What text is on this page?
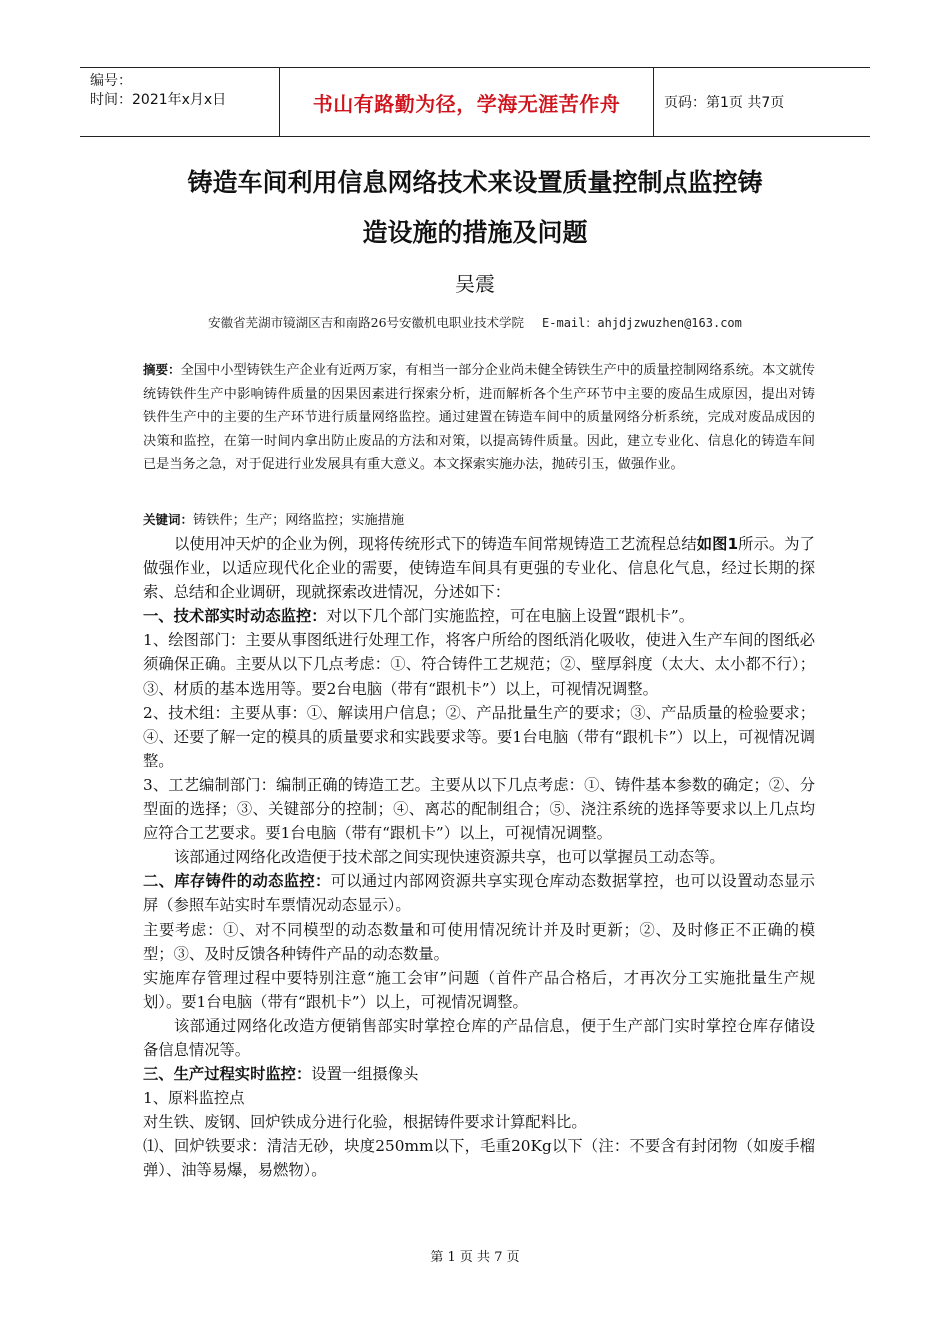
编号：
时间：2021年x月x日	书山有路勤为径，学海无涯苦作舟	页码：第1页 共7页
铸造车间利用信息网络技术来设置质量控制点监控铸
造设施的措施及问题
吴震
安徽省芜湖市镜湖区吉和南路26号安徽机电职业技术学院 E-mail：ahjdjzwuzhen@163.com
摘要：全国中小型铸铁生产企业有近两万家，有相当一部分企业尚未健全铸铁生产中的质量控制网络系统。本文就传统铸铁件生产中影响铸件质量的因果因素进行探索分析，进而解析各个生产环节中主要的废品生成原因，提出对铸铁件生产中的主要的生产环节进行质量网络监控。通过建置在铸造车间中的质量网络分析系统，完成对废品成因的决策和监控，在第一时间内拿出防止废品的方法和对策，以提高铸件质量。因此，建立专业化、信息化的铸造车间已是当务之急，对于促进行业发展具有重大意义。本文探索实施办法，抛砖引玉，做强作业。
关键词：铸铁件；生产；网络监控；实施措施

以使用冲天炉的企业为例，现将传统形式下的铸造车间常规铸造工艺流程总结如图1所示。为了做强作业，以适应现代化企业的需要，使铸造车间具有更强的专业化、信息化气息，经过长期的探索、总结和企业调研，现就探索改进情况，分述如下：

一、技术部实时动态监控：对以下几个部门实施监控，可在电脑上设置“跟机卡”。

1、绘图部门：主要从事图纸进行处理工作，将客户所给的图纸消化吸收，使进入生产车间的图纸必须确保正确。主要从以下几点考虑：①、符合铸件工艺规范；②、壁厚斜度（太大、太小都不行）；③、材质的基本选用等。要2台电脑（带有“跟机卡”）以上，可视情况调整。

2、技术组：主要从事：①、解读用户信息；②、产品批量生产的要求；③、产品质量的检验要求；④、还要了解一定的模具的质量要求和实践要求等。要1台电脑（带有“跟机卡”）以上，可视情况调整。

3、工艺编制部门：编制正确的铸造工艺。主要从以下几点考虑：①、铸件基本参数的确定；②、分型面的选择；③、关键部分的控制；④、离芯的配制组合；⑤、浇注系统的选择等要求以上几点均应符合工艺要求。要1台电脑（带有“跟机卡”）以上，可视情况调整。

该部通过网络化改造便于技术部之间实现快速资源共享，也可以掌握员工动态等。

二、库存铸件的动态监控：可以通过内部网资源共享实现仓库动态数据掌控，也可以设置动态显示屏（参照车站实时车票情况动态显示）。

主要考虑：①、对不同模型的动态数量和可使用情况统计并及时更新；②、及时修正不正确的模型；③、及时反馈各种铸件产品的动态数量。

实施库存管理过程中要特别注意“施工会审”问题（首件产品合格后，才再次分工实施批量生产规划）。要1台电脑（带有“跟机卡”）以上，可视情况调整。

该部通过网络化改造方便销售部实时掌控仓库的产品信息，便于生产部门实时掌控仓库存储设备信息情况等。

三、生产过程实时监控：设置一组摄像头

1、原料监控点

对生铁、废钢、回炉铁成分进行化验，根据铸件要求计算配料比。

⑴、回炉铁要求：清洁无砂，块度250mm以下，毛重20Kg以下（注：不要含有封闭物（如废手榴弹）、油等易爆，易燃物）。

第 1 页 共 7 页
